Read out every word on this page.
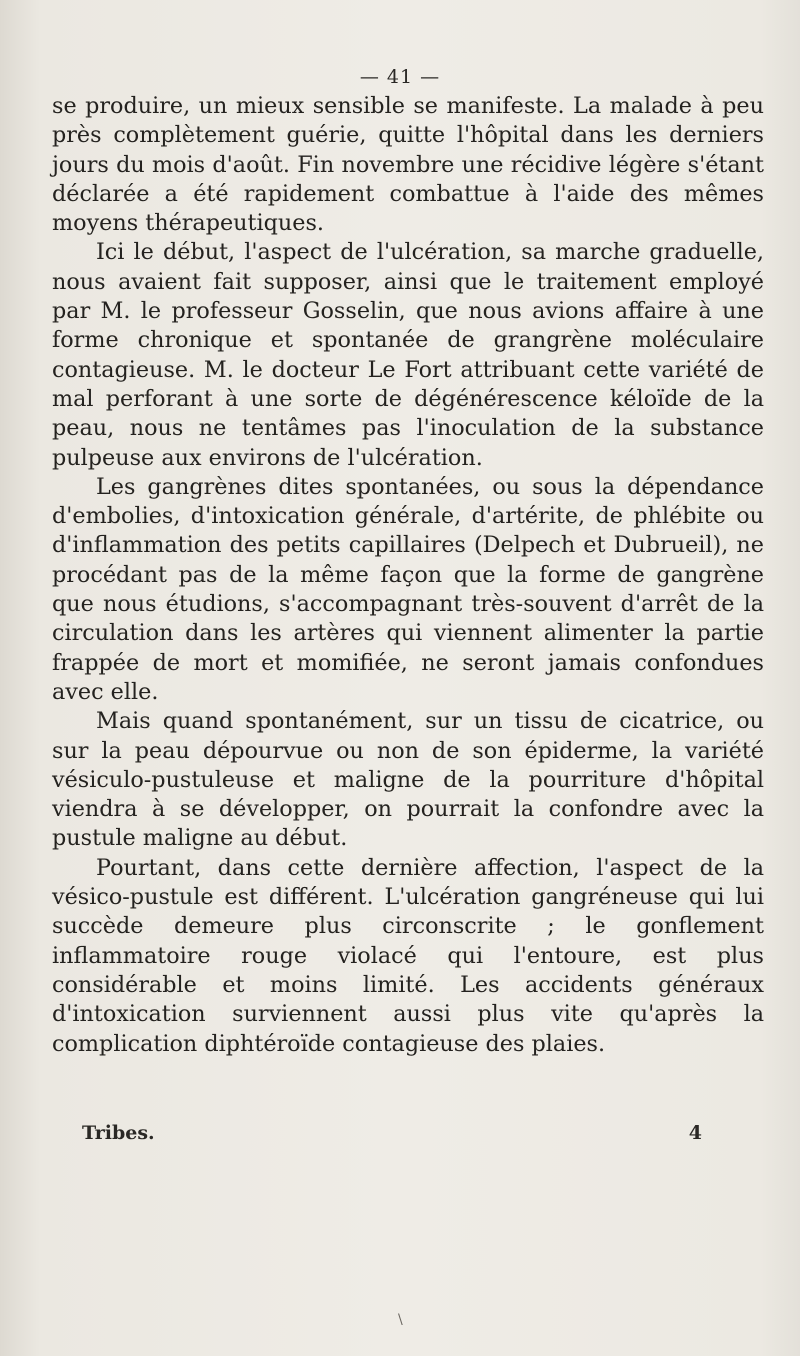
— 41 —

se produire, un mieux sensible se manifeste. La malade à peu près complètement guérie, quitte l'hôpital dans les derniers jours du mois d'août. Fin novembre une récidive légère s'étant déclarée a été rapidement combattue à l'aide des mêmes moyens thérapeutiques.

Ici le début, l'aspect de l'ulcération, sa marche graduelle, nous avaient fait supposer, ainsi que le traitement employé par M. le professeur Gosselin, que nous avions affaire à une forme chronique et spontanée de grangrène moléculaire contagieuse. M. le docteur Le Fort attribuant cette variété de mal perforant à une sorte de dégénérescence kéloïde de la peau, nous ne tentâmes pas l'inoculation de la substance pulpeuse aux environs de l'ulcération.

Les gangrènes dites spontanées, ou sous la dépendance d'embolies, d'intoxication générale, d'artérite, de phlébite ou d'inflammation des petits capillaires (Delpech et Dubrueil), ne procédant pas de la même façon que la forme de gangrène que nous étudions, s'accompagnant très-souvent d'arrêt de la circulation dans les artères qui viennent alimenter la partie frappée de mort et momifiée, ne seront jamais confondues avec elle.

Mais quand spontanément, sur un tissu de cicatrice, ou sur la peau dépourvue ou non de son épiderme, la variété vésiculo-pustuleuse et maligne de la pourriture d'hôpital viendra à se développer, on pourrait la confondre avec la pustule maligne au début.

Pourtant, dans cette dernière affection, l'aspect de la vésico-pustule est différent. L'ulcération gangréneuse qui lui succède demeure plus circonscrite ; le gonflement inflammatoire rouge violacé qui l'entoure, est plus considérable et moins limité. Les accidents généraux d'intoxication surviennent aussi plus vite qu'après la complication diphtéroïde contagieuse des plaies.

Tribes.	4
\
